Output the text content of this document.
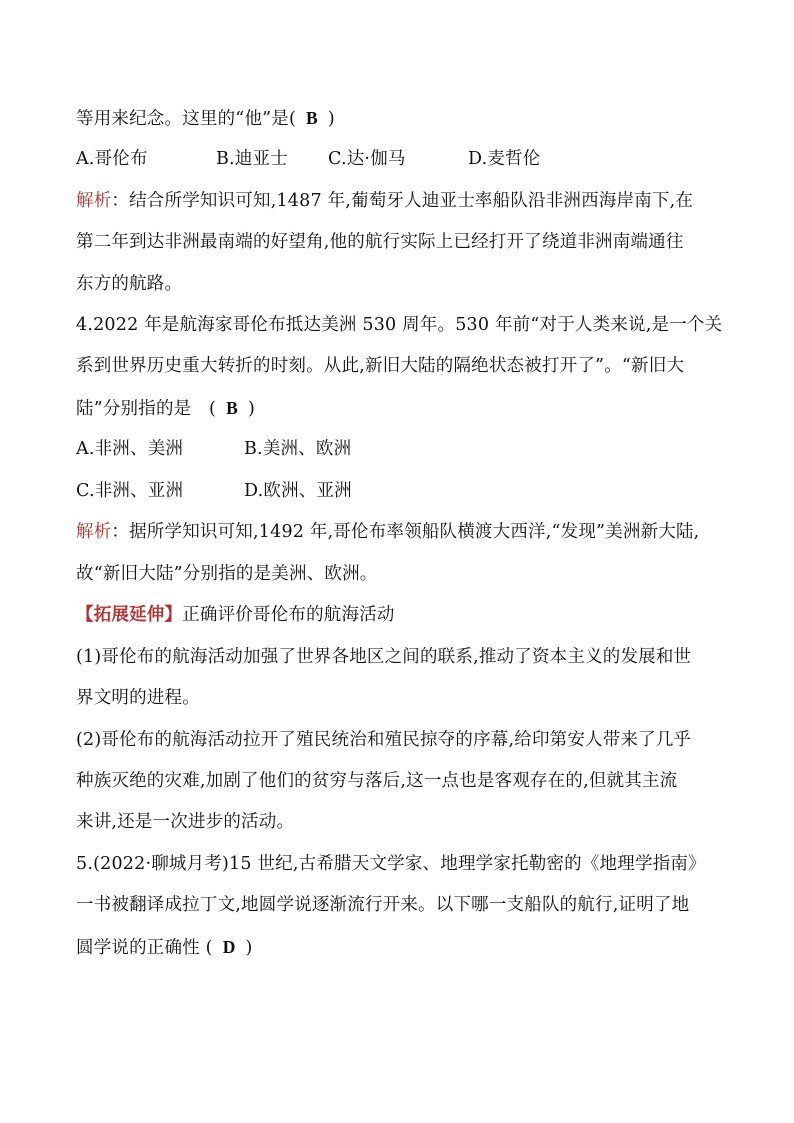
等用来纪念。这里的“他”是( B )
A.哥伦布	B.迪亚士 C.达·伽马	D.麦哲伦
解析：结合所学知识可知,1487 年,葡萄牙人迪亚士率船队沿非洲西海岸南下,在
第二年到达非洲最南端的好望角,他的航行实际上已经打开了绕道非洲南端通往
东方的航路。
4.2022 年是航海家哥伦布抵达美洲 530 周年。530 年前“对于人类来说,是一个关
系到世界历史重大转折的时刻。从此,新旧大陆的隔绝状态被打开了”。“新旧大
陆”分别指的是　( B )
A.非洲、美洲	B.美洲、欧洲
C.非洲、亚洲	D.欧洲、亚洲
解析：据所学知识可知,1492 年,哥伦布率领船队横渡大西洋,“发现”美洲新大陆,
故“新旧大陆”分别指的是美洲、欧洲。
【拓展延伸】正确评价哥伦布的航海活动
(1)哥伦布的航海活动加强了世界各地区之间的联系,推动了资本主义的发展和世
界文明的进程。
(2)哥伦布的航海活动拉开了殖民统治和殖民掠夺的序幕,给印第安人带来了几乎
种族灭绝的灾难,加剧了他们的贫穷与落后,这一点也是客观存在的,但就其主流
来讲,还是一次进步的活动。
5.(2022·聊城月考)15 世纪,古希腊天文学家、地理学家托勒密的《地理学指南》
一书被翻译成拉丁文,地圆学说逐渐流行开来。以下哪一支船队的航行,证明了地
圆学说的正确性 ( D )
